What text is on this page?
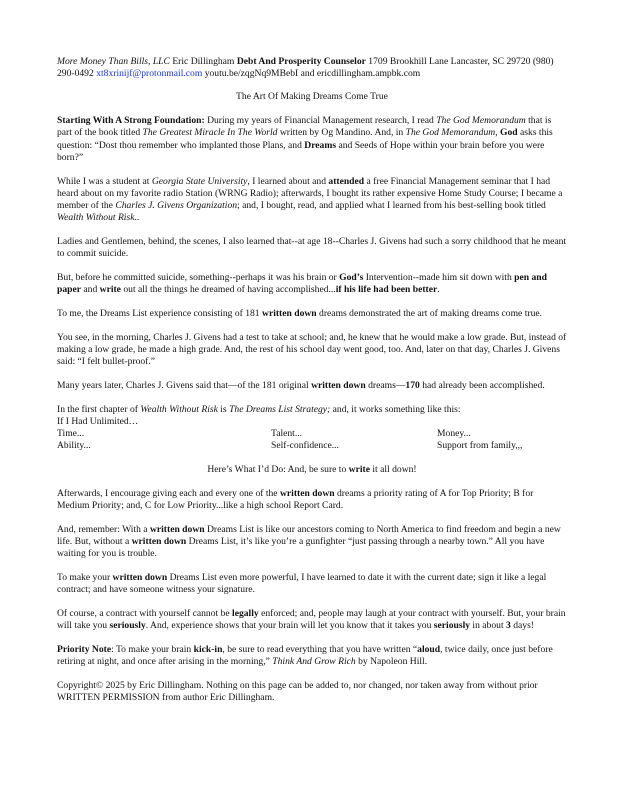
More Money Than Bills, LLC Eric Dillingham Debt And Prosperity Counselor 1709 Brookhill Lane Lancaster, SC 29720 (980) 290-0492 xt8xrinijf@protonmail.com youtu.be/zqgNq9MBebI and ericdillingham.ampbk.com

The Art Of Making Dreams Come True

Starting With A Strong Foundation: During my years of Financial Management research, I read The God Memorandum that is part of the book titled The Greatest Miracle In The World written by Og Mandino. And, in The God Memorandum, God asks this question: “Dost thou remember who implanted those Plans, and Dreams and Seeds of Hope within your brain before you were born?”

While I was a student at Georgia State University, I learned about and attended a free Financial Management seminar that I had heard about on my favorite radio Station (WRNG Radio); afterwards, I bought its rather expensive Home Study Course; I became a member of the Charles J. Givens Organization; and, I bought, read, and applied what I learned from his best-selling book titled Wealth Without Risk..

Ladies and Gentlemen, behind, the scenes, I also learned that--at age 18--Charles J. Givens had such a sorry childhood that he meant to commit suicide.

But, before he committed suicide, something--perhaps it was his brain or God’s Intervention--made him sit down with pen and paper and write out all the things he dreamed of having accomplished...if his life had been better.

To me, the Dreams List experience consisting of 181 written down dreams demonstrated the art of making dreams come true.

You see, in the morning, Charles J. Givens had a test to take at school; and, he knew that he would make a low grade. But, instead of making a low grade, he made a high grade. And, the rest of his school day went good, too. And, later on that day, Charles J. Givens said: “I felt bullet-proof.”

Many years later, Charles J. Givens said that—of the 181 original written down dreams—170 had already been accomplished.

In the first chapter of Wealth Without Risk is The Dreams List Strategy; and, it works something like this:
If I Had Unlimited…

Time...	Talent...	Money...
Ability...	Self-confidence...	Support from family,,,

Here’s What I’d Do: And, be sure to write it all down!

Afterwards, I encourage giving each and every one of the written down dreams a priority rating of A for Top Priority; B for Medium Priority; and, C for Low Priority...like a high school Report Card.

And, remember: With a written down Dreams List is like our ancestors coming to North America to find freedom and begin a new life. But, without a written down Dreams List, it’s like you’re a gunfighter “just passing through a nearby town.” All you have waiting for you is trouble.

To make your written down Dreams List even more powerful, I have learned to date it with the current date; sign it like a legal contract; and have someone witness your signature.

Of course, a contract with yourself cannot be legally enforced; and, people may laugh at your contract with yourself. But, your brain will take you seriously. And, experience shows that your brain will let you know that it takes you seriously in about 3 days!

Priority Note: To make your brain kick-in, be sure to read everything that you have written “aloud, twice daily, once just before retiring at night, and once after arising in the morning,” Think And Grow Rich by Napoleon Hill.

Copyright© 2025 by Eric Dillingham. Nothing on this page can be added to, nor changed, nor taken away from without prior WRITTEN PERMISSION from author Eric Dillingham.
